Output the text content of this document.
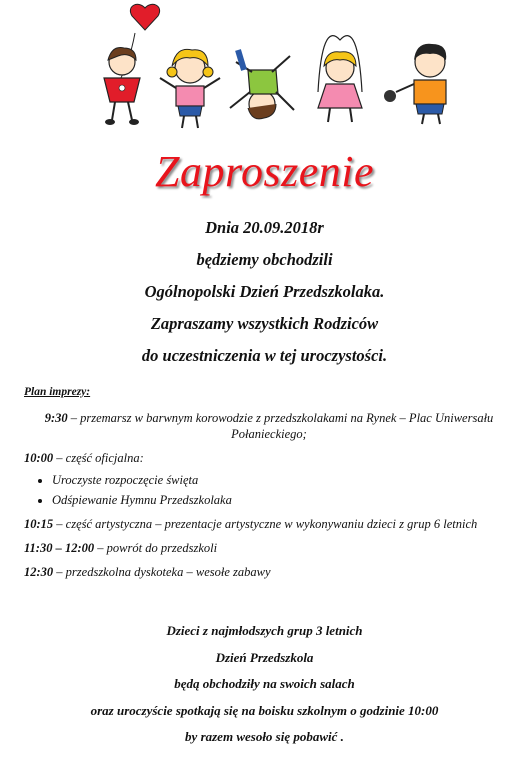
Zaproszenie
Dnia 20.09.2018r
będziemy obchodzili
Ogólnopolski Dzień Przedszkolaka.
Zapraszamy wszystkich Rodziców
do uczestniczenia w tej uroczystości.
Plan imprezy:
9:30 – przemarsz w barwnym korowodzie z przedszkolakami na Rynek – Plac Uniwersału Połanieckiego;
10:00 – część oficjalna:
• Uroczyste rozpoczęcie święta
• Odśpiewanie Hymnu Przedszkolaka
10:15 – część artystyczna – prezentacje artystyczne w wykonywaniu dzieci z grup 6 letnich
11:30 – 12:00 – powrót do przedszkoli
12:30 – przedszkolna dyskoteka – wesołe zabawy
Dzieci z najmłodszych grup 3 letnich
Dzień Przedszkola
będą obchodziły na swoich salach
oraz uroczyście spotkają się na boisku szkolnym o godzinie 10:00
by razem wesoło się pobawić .
